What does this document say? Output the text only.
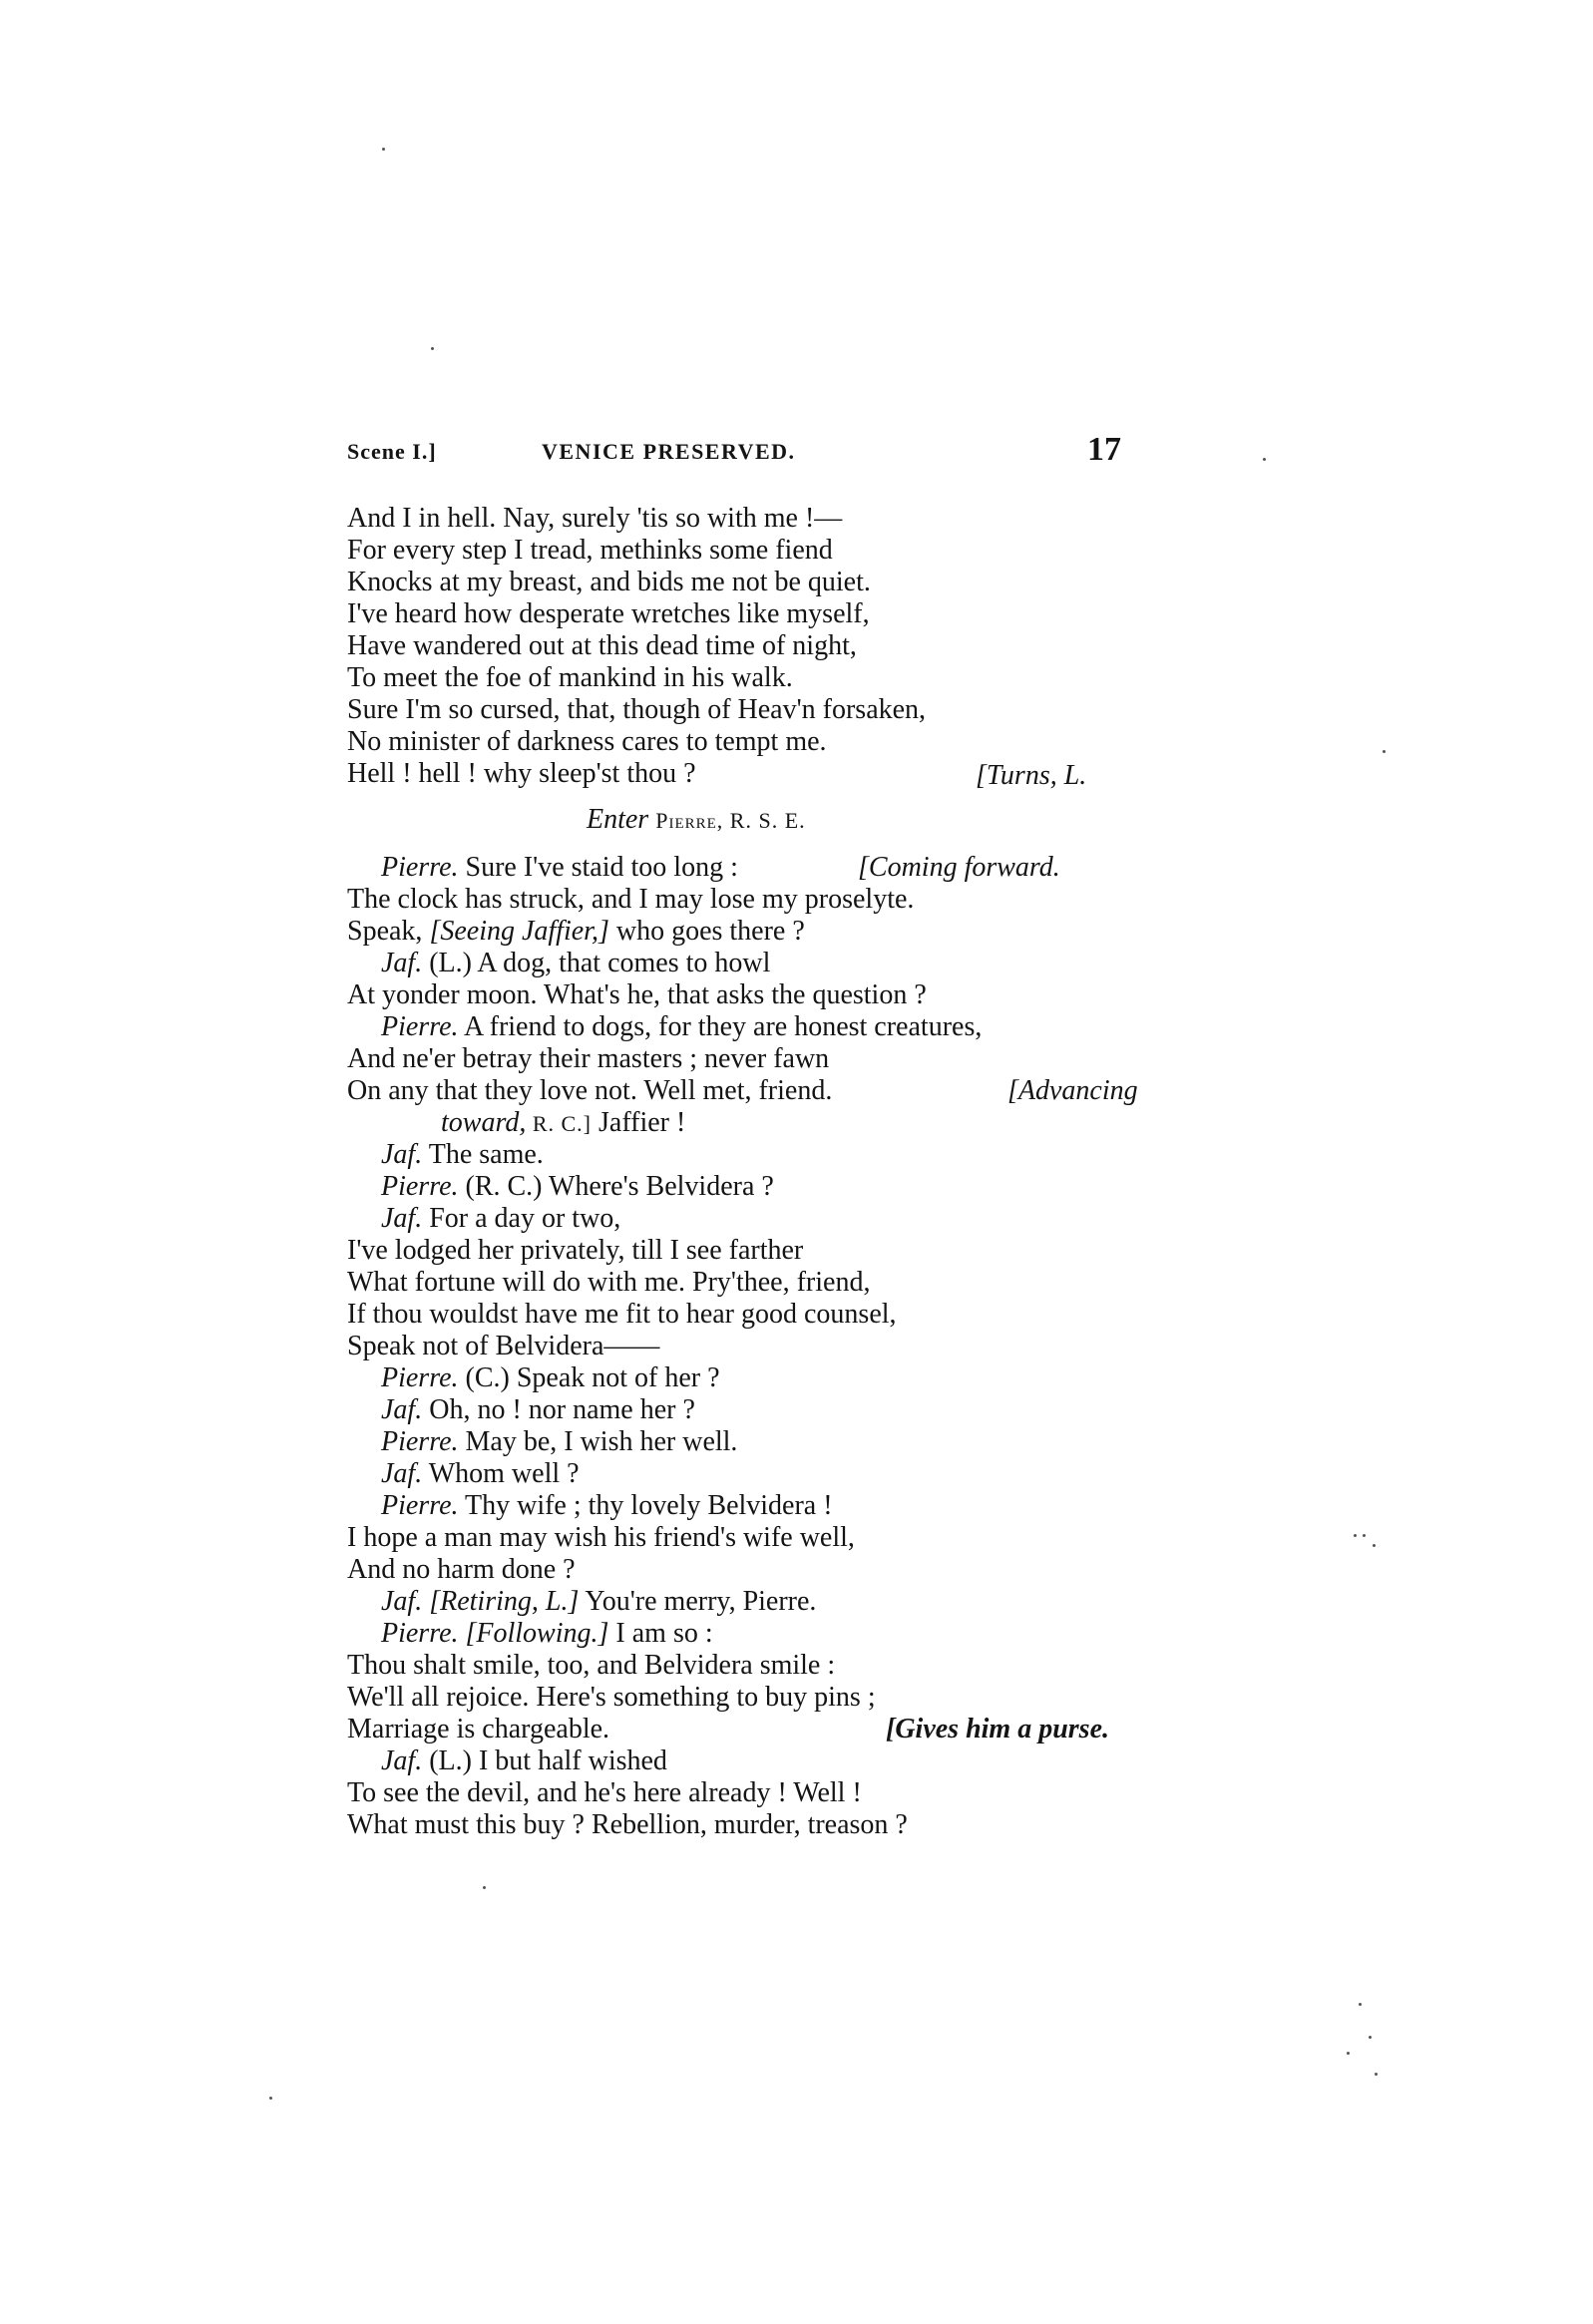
Scene I.]	VENICE PRESERVED.	17
And I in hell. Nay, surely 'tis so with me !—
For every step I tread, methinks some fiend
Knocks at my breast, and bids me not be quiet.
I've heard how desperate wretches like myself,
Have wandered out at this dead time of night,
To meet the foe of mankind in his walk.
Sure I'm so cursed, that, though of Heav'n forsaken,
No minister of darkness cares to tempt me.
Hell ! hell ! why sleep'st thou ?	[Turns, L.
Enter Pierre, R. S. E.
Pierre. Sure I've staid too long :	[Coming forward.
The clock has struck, and I may lose my proselyte.
Speak, [Seeing Jaffier,] who goes there ?
Jaf. (L.) A dog, that comes to howl
At yonder moon. What's he, that asks the question ?
Pierre. A friend to dogs, for they are honest creatures,
And ne'er betray their masters ; never fawn
On any that they love not. Well met, friend.	[Advancing
toward, R. C.] Jaffier !
Jaf. The same.
Pierre. (R. C.) Where's Belvidera ?
Jaf. For a day or two,
I've lodged her privately, till I see farther
What fortune will do with me. Pry'thee, friend,
If thou wouldst have me fit to hear good counsel,
Speak not of Belvidera——
Pierre. (C.) Speak not of her ?
Jaf. Oh, no ! nor name her ?
Pierre. May be, I wish her well.
Jaf. Whom well ?
Pierre. Thy wife ; thy lovely Belvidera !
I hope a man may wish his friend's wife well,
And no harm done ?
Jaf. [Retiring, L.] You're merry, Pierre.
Pierre. [Following.] I am so :
Thou shalt smile, too, and Belvidera smile :
We'll all rejoice. Here's something to buy pins ;
Marriage is chargeable.	[Gives him a purse.
Jaf. (L.) I but half wished
To see the devil, and he's here already ! Well !
What must this buy ? Rebellion, murder, treason ?
